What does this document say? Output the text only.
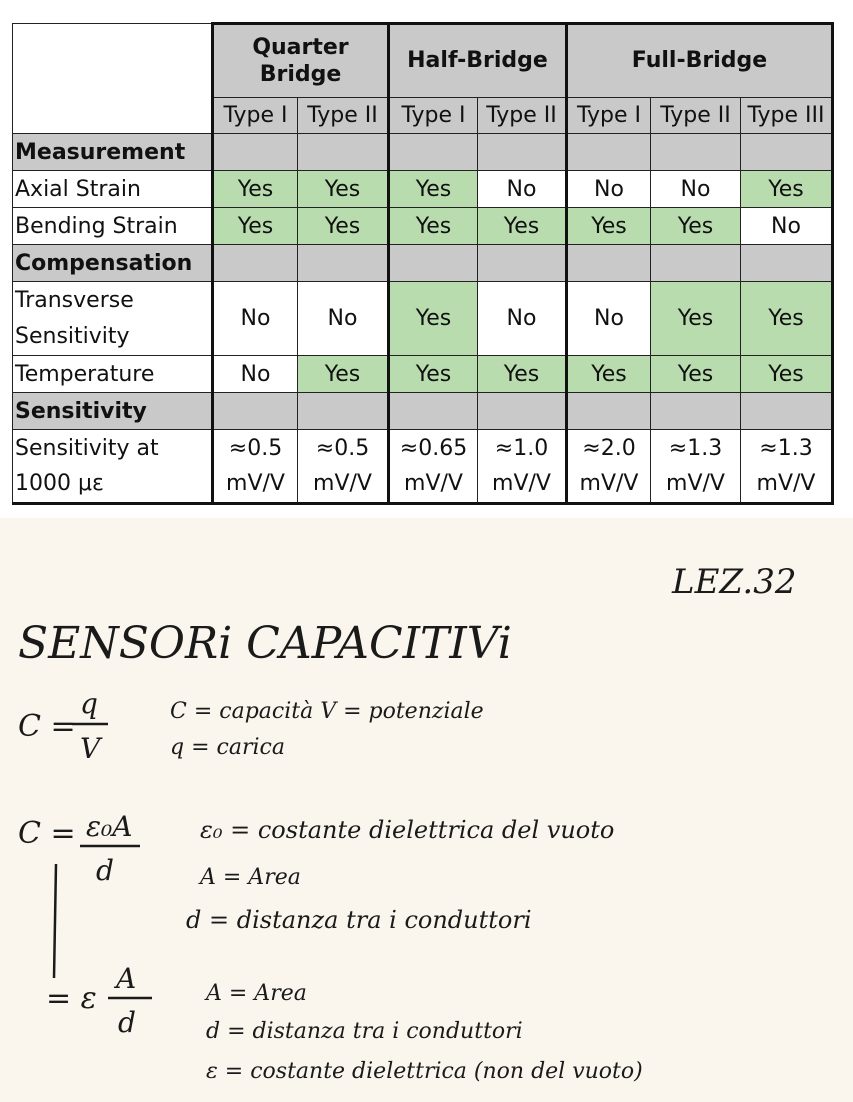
	Quarter Bridge		Half-Bridge		Full-Bridge		
	Type I	Type II	Type I	Type II	Type I	Type II	Type III
Measurement							
Axial Strain	Yes	Yes	Yes	No	No	No	Yes
Bending Strain	Yes	Yes	Yes	Yes	Yes	Yes	No
Compensation							
Transverse Sensitivity	No	No	Yes	No	No	Yes	Yes
Temperature	No	Yes	Yes	Yes	Yes	Yes	Yes
Sensitivity							
Sensitivity at 1000 με	≈0.5 mV/V	≈0.5 mV/V	≈0.65 mV/V	≈1.0 mV/V	≈2.0 mV/V	≈1.3 mV/V	≈1.3 mV/V
LEZ.32
SENSORi CAPACITIVi
C =
q
V
C = capacità V = potenziale
q = carica
C = ε₀A
d
ε₀ = costante dielettrica del vuoto
A = Area
d = distanza tra i conduttori
= ε
A
d
A = Area
d = distanza tra i conduttori
ε = costante dielettrica (non del vuoto)
